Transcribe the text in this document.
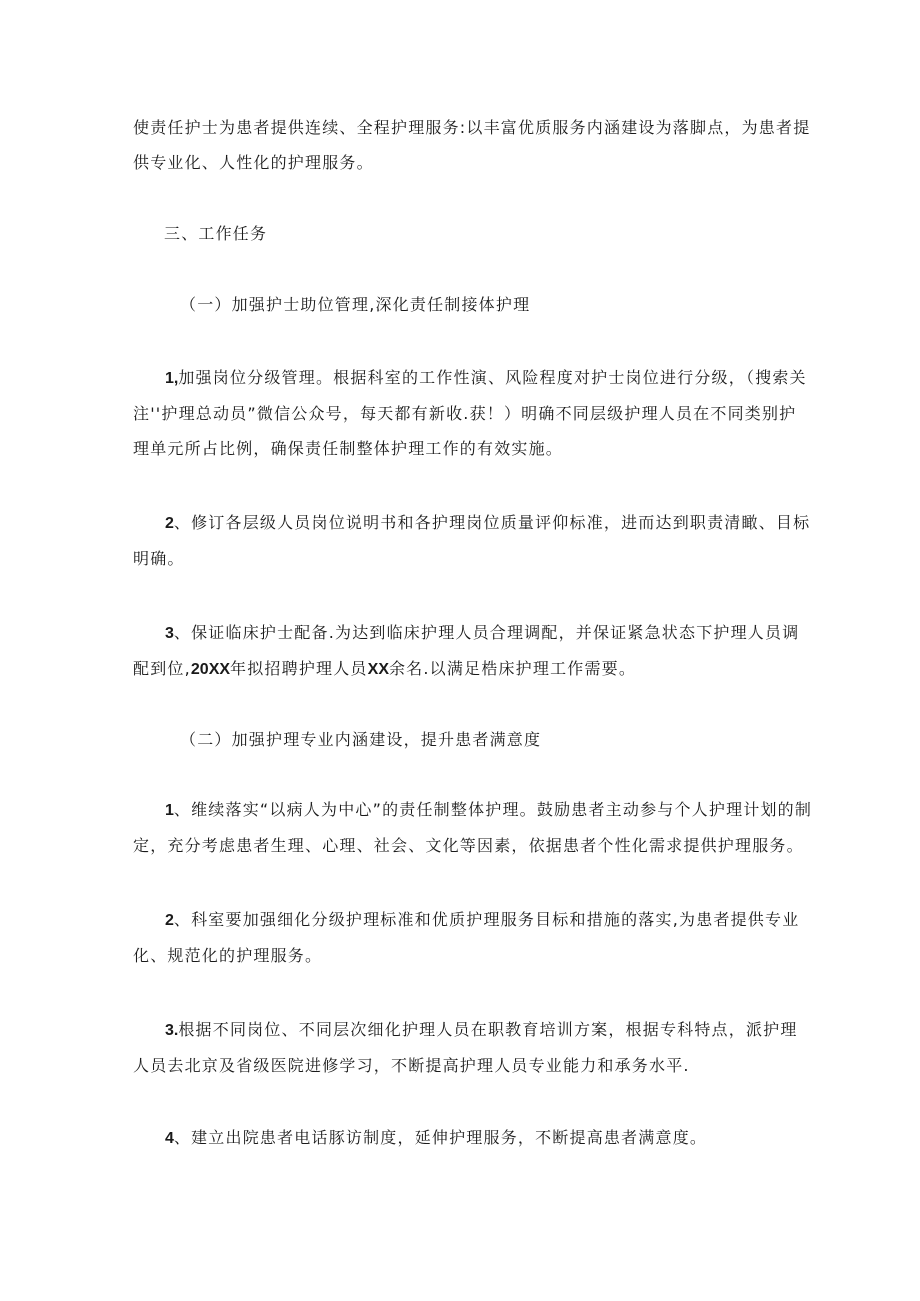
使责任护士为患者提供连续、全程护理服务:以丰富优质服务内涵建设为落脚点，为患者提供专业化、人性化的护理服务。

三、工作任务

（一）加强护士助位管理,深化责任制接体护理

1,加强岗位分级管理。根据科室的工作性演、风险程度对护士岗位进行分级，（搜索关注''护理总动员”微信公众号，每天都有新收.获！）明确不同层级护理人员在不同类别护理单元所占比例，确保责任制整体护理工作的有效实施。

2、修订各层级人员岗位说明书和各护理岗位质量评仰标准，进而达到职责清瞰、目标明确。

3、保证临床护士配备.为达到临床护理人员合理调配，并保证紧急状态下护理人员调配到位,20XX年拟招聘护理人员XX余名.以满足梏床护理工作需要。

（二）加强护理专业内涵建设，提升患者满意度

1、维续落实“以病人为中心”的责任制整体护理。鼓励患者主动参与个人护理计划的制定，充分考虑患者生理、心理、社会、文化等因素，依据患者个性化需求提供护理服务。

2、科室要加强细化分级护理标准和优质护理服务目标和措施的落实,为患者提供专业化、规范化的护理服务。

3.根据不同岗位、不同层次细化护理人员在职教育培训方案，根据专科特点，派护理人员去北京及省级医院进修学习，不断提高护理人员专业能力和承务水平.

4、建立出院患者电话豚访制度，延伸护理服务，不断提高患者满意度。
